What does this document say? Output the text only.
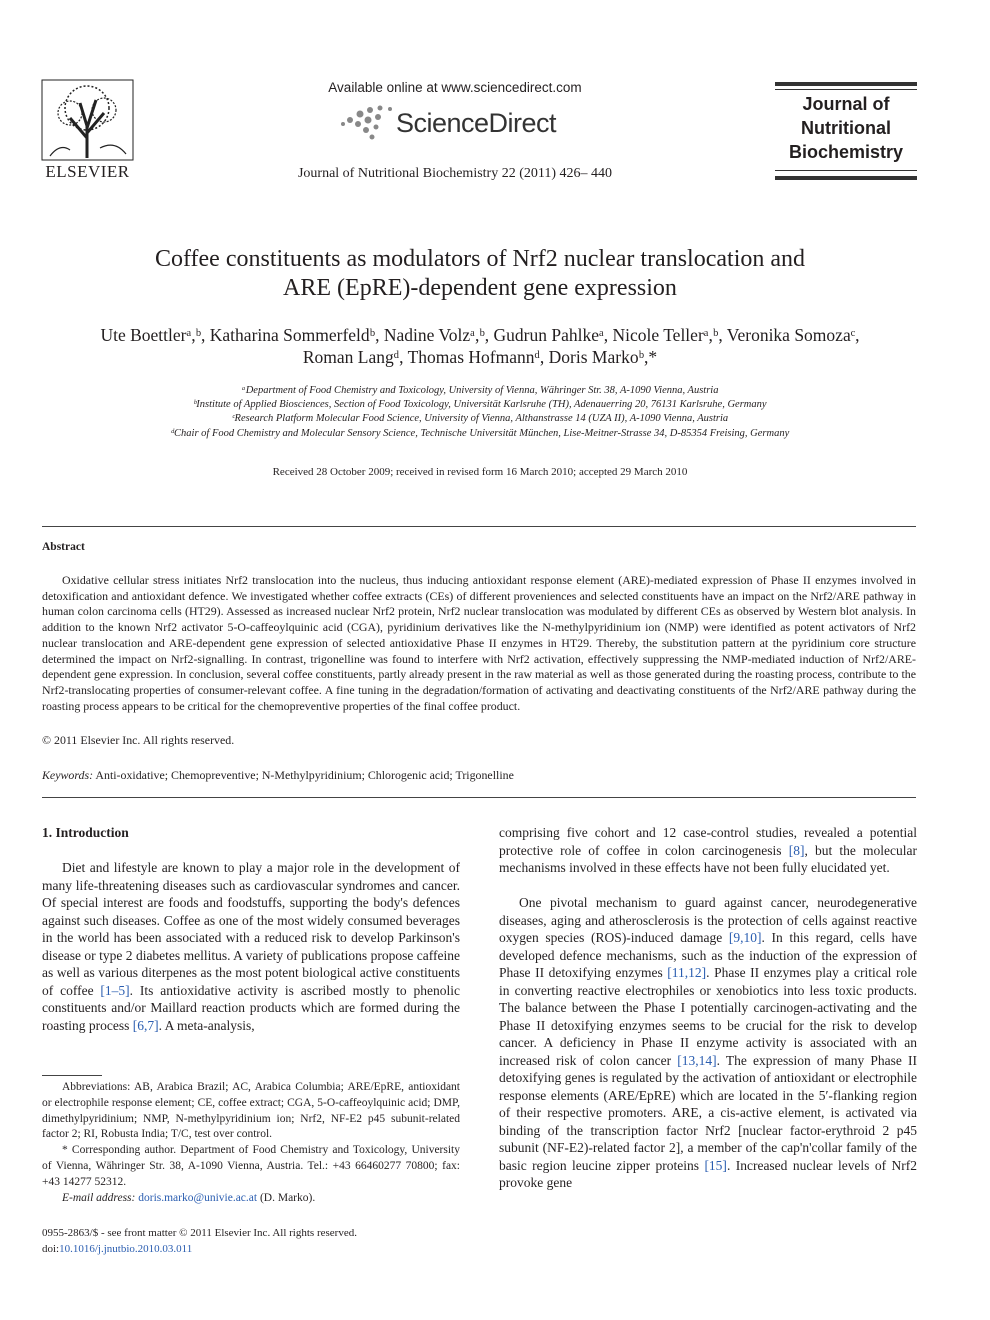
ELSEVIER
Available online at www.sciencedirect.com
ScienceDirect
Journal of Nutritional Biochemistry 22 (2011) 426– 440
Journal of
Nutritional
Biochemistry
Coffee constituents as modulators of Nrf2 nuclear translocation and
ARE (EpRE)-dependent gene expression
Ute Boettlerᵃ,ᵇ, Katharina Sommerfeldᵇ, Nadine Volzᵃ,ᵇ, Gudrun Pahlkeᵃ, Nicole Tellerᵃ,ᵇ, Veronika Somozaᶜ,
Roman Langᵈ, Thomas Hofmannᵈ, Doris Markoᵇ,*
ᵃDepartment of Food Chemistry and Toxicology, University of Vienna, Währinger Str. 38, A-1090 Vienna, Austria
ᵇInstitute of Applied Biosciences, Section of Food Toxicology, Universität Karlsruhe (TH), Adenauerring 20, 76131 Karlsruhe, Germany
ᶜResearch Platform Molecular Food Science, University of Vienna, Althanstrasse 14 (UZA II), A-1090 Vienna, Austria
ᵈChair of Food Chemistry and Molecular Sensory Science, Technische Universität München, Lise-Meitner-Strasse 34, D-85354 Freising, Germany
Received 28 October 2009; received in revised form 16 March 2010; accepted 29 March 2010
Abstract
Oxidative cellular stress initiates Nrf2 translocation into the nucleus, thus inducing antioxidant response element (ARE)-mediated expression of Phase II enzymes involved in detoxification and antioxidant defence. We investigated whether coffee extracts (CEs) of different proveniences and selected constituents have an impact on the Nrf2/ARE pathway in human colon carcinoma cells (HT29). Assessed as increased nuclear Nrf2 protein, Nrf2 nuclear translocation was modulated by different CEs as observed by Western blot analysis. In addition to the known Nrf2 activator 5-O-caffeoylquinic acid (CGA), pyridinium derivatives like the N-methylpyridinium ion (NMP) were identified as potent activators of Nrf2 nuclear translocation and ARE-dependent gene expression of selected antioxidative Phase II enzymes in HT29. Thereby, the substitution pattern at the pyridinium core structure determined the impact on Nrf2-signalling. In contrast, trigonelline was found to interfere with Nrf2 activation, effectively suppressing the NMP-mediated induction of Nrf2/ARE-dependent gene expression. In conclusion, several coffee constituents, partly already present in the raw material as well as those generated during the roasting process, contribute to the Nrf2-translocating properties of consumer-relevant coffee. A fine tuning in the degradation/formation of activating and deactivating constituents of the Nrf2/ARE pathway during the roasting process appears to be critical for the chemopreventive properties of the final coffee product.
© 2011 Elsevier Inc. All rights reserved.
Keywords: Anti-oxidative; Chemopreventive; N-Methylpyridinium; Chlorogenic acid; Trigonelline
1. Introduction
Diet and lifestyle are known to play a major role in the development of many life-threatening diseases such as cardiovascular syndromes and cancer. Of special interest are foods and foodstuffs, supporting the body's defences against such diseases. Coffee as one of the most widely consumed beverages in the world has been associated with a reduced risk to develop Parkinson's disease or type 2 diabetes mellitus. A variety of publications propose caffeine as well as various diterpenes as the most potent biological active constituents of coffee [1–5]. Its antioxidative activity is ascribed mostly to phenolic constituents and/or Maillard reaction products which are formed during the roasting process [6,7]. A meta-analysis,

Abbreviations: AB, Arabica Brazil; AC, Arabica Columbia; ARE/EpRE, antioxidant or electrophile response element; CE, coffee extract; CGA, 5-O-caffeoylquinic acid; DMP, dimethylpyridinium; NMP, N-methylpyridinium ion; Nrf2, NF-E2 p45 subunit-related factor 2; RI, Robusta India; T/C, test over control.

* Corresponding author. Department of Food Chemistry and Toxicology, University of Vienna, Währinger Str. 38, A-1090 Vienna, Austria. Tel.: +43 66460277 70800; fax: +43 14277 52312.

E-mail address: doris.marko@univie.ac.at (D. Marko).

0955-2863/$ - see front matter © 2011 Elsevier Inc. All rights reserved.
doi:10.1016/j.jnutbio.2010.03.011
comprising five cohort and 12 case-control studies, revealed a potential protective role of coffee in colon carcinogenesis [8], but the molecular mechanisms involved in these effects have not been fully elucidated yet.
One pivotal mechanism to guard against cancer, neurodegenerative diseases, aging and atherosclerosis is the protection of cells against reactive oxygen species (ROS)-induced damage [9,10]. In this regard, cells have developed defence mechanisms, such as the induction of the expression of Phase II detoxifying enzymes [11,12]. Phase II enzymes play a critical role in converting reactive electrophiles or xenobiotics into less toxic products. The balance between the Phase I potentially carcinogen-activating and the Phase II detoxifying enzymes seems to be crucial for the risk to develop cancer. A deficiency in Phase II enzyme activity is associated with an increased risk of colon cancer [13,14]. The expression of many Phase II detoxifying genes is regulated by the activation of antioxidant or electrophile response elements (ARE/EpRE) which are located in the 5′-flanking region of their respective promoters. ARE, a cis-active element, is activated via binding of the transcription factor Nrf2 [nuclear factor-erythroid 2 p45 subunit (NF-E2)-related factor 2], a member of the cap'n'collar family of the basic region leucine zipper proteins [15]. Increased nuclear levels of Nrf2 provoke gene
